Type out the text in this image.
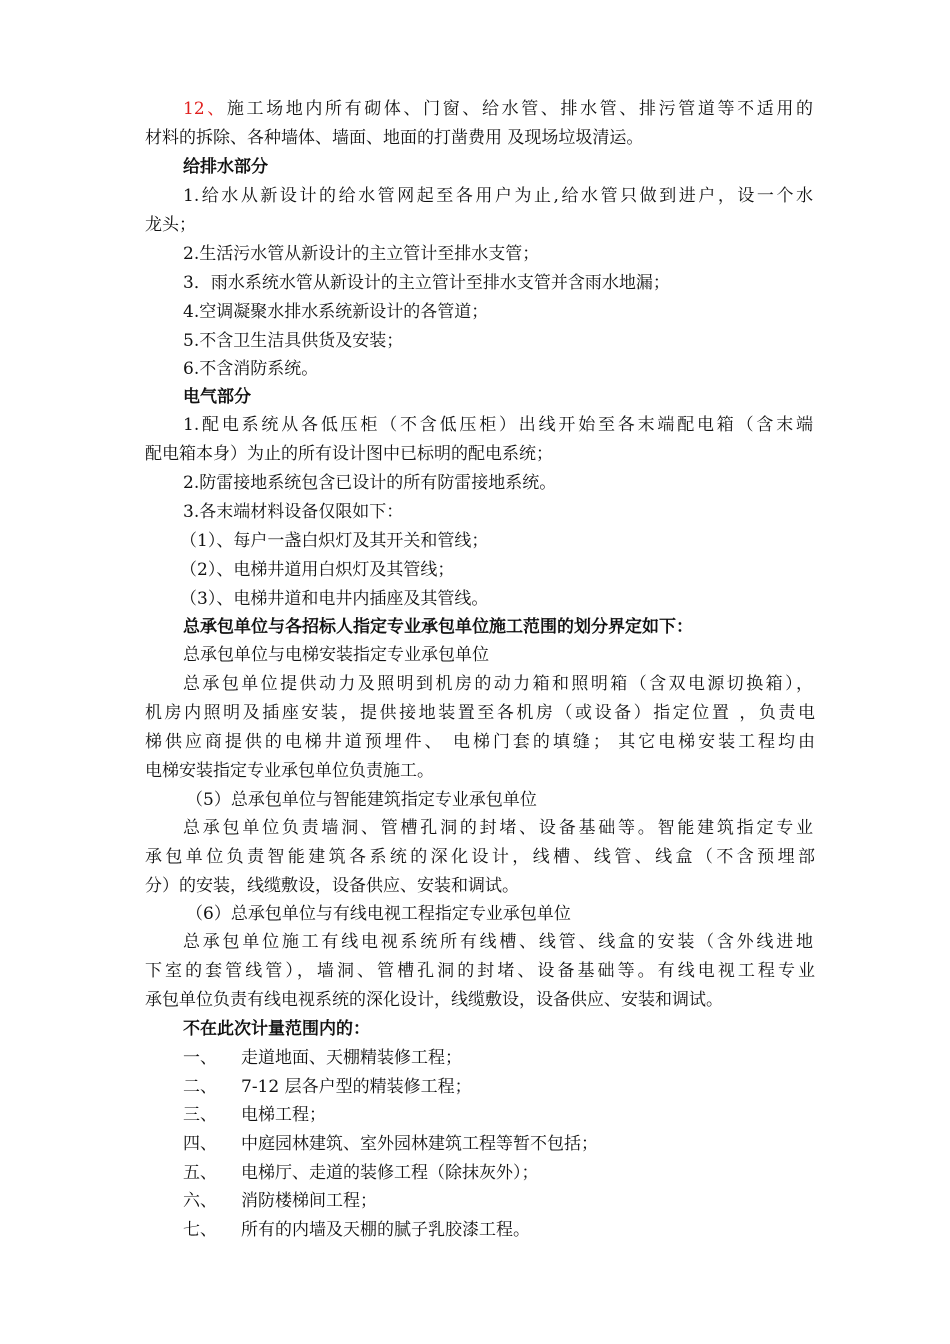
12、施工场地内所有砌体、门窗、给水管、排水管、排污管道等不适用的
材料的拆除、各种墙体、墙面、地面的打凿费用 及现场垃圾清运。
给排水部分
1.给水从新设计的给水管网起至各用户为止,给水管只做到进户，设一个水
龙头；
2.生活污水管从新设计的主立管计至排水支管；
3．雨水系统水管从新设计的主立管计至排水支管并含雨水地漏；
4.空调凝聚水排水系统新设计的各管道；
5.不含卫生洁具供货及安装；
6.不含消防系统。
电气部分
1.配电系统从各低压柜（不含低压柜）出线开始至各末端配电箱（含末端
配电箱本身）为止的所有设计图中已标明的配电系统；
2.防雷接地系统包含已设计的所有防雷接地系统。
3.各末端材料设备仅限如下：
（1）、每户一盏白炽灯及其开关和管线；
（2）、电梯井道用白炽灯及其管线；
（3）、电梯井道和电井内插座及其管线。
总承包单位与各招标人指定专业承包单位施工范围的划分界定如下：
总承包单位与电梯安装指定专业承包单位
总承包单位提供动力及照明到机房的动力箱和照明箱（含双电源切换箱），
机房内照明及插座安装，提供接地装置至各机房（或设备）指定位置 ，负责电
梯供应商提供的电梯井道预埋件、 电梯门套的填缝； 其它电梯安装工程均由
电梯安装指定专业承包单位负责施工。
（5）总承包单位与智能建筑指定专业承包单位
总承包单位负责墙洞、管槽孔洞的封堵、设备基础等。智能建筑指定专业
承包单位负责智能建筑各系统的深化设计，线槽、线管、线盒（不含预埋部
分）的安装，线缆敷设，设备供应、安装和调试。
（6）总承包单位与有线电视工程指定专业承包单位
总承包单位施工有线电视系统所有线槽、线管、线盒的安装（含外线进地
下室的套管线管），墙洞、管槽孔洞的封堵、设备基础等。有线电视工程专业
承包单位负责有线电视系统的深化设计，线缆敷设，设备供应、安装和调试。
不在此次计量范围内的：
一、 走道地面、天棚精装修工程；
二、 7-12 层各户型的精装修工程；
三、 电梯工程；
四、 中庭园林建筑、室外园林建筑工程等暂不包括；
五、 电梯厅、走道的装修工程（除抹灰外）；
六、 消防楼梯间工程；
七、 所有的内墙及天棚的腻子乳胶漆工程。
